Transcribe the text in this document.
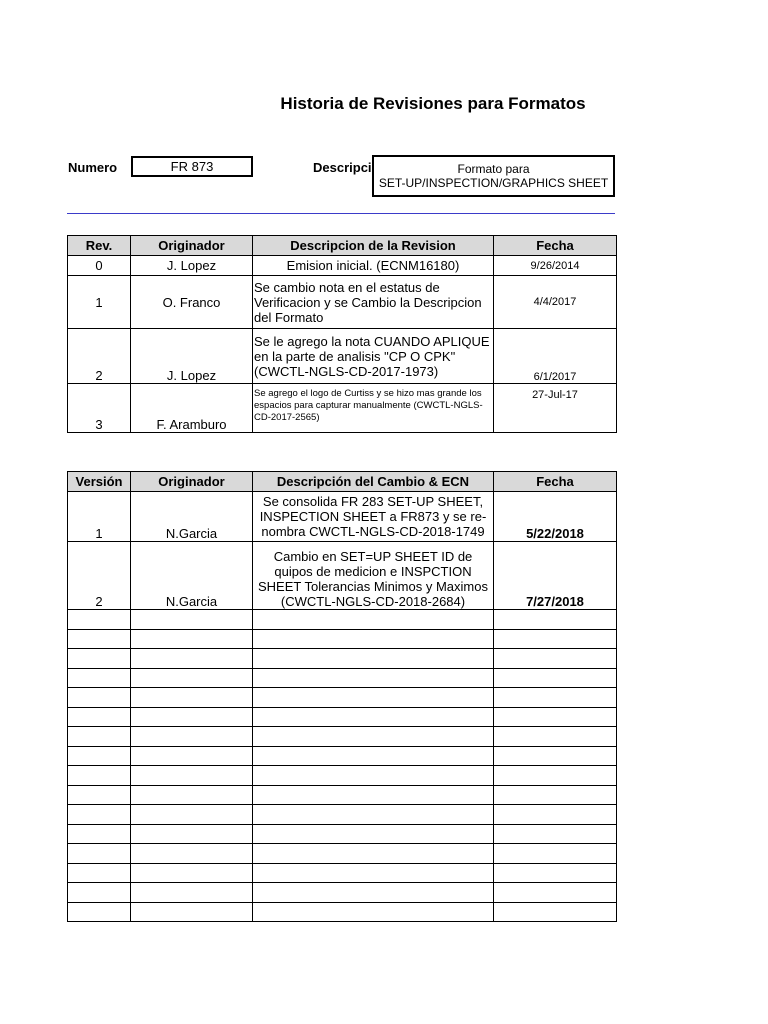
Historia de Revisiones para Formatos
Numero	FR 873	Descripci	Formato para
SET-UP/INSPECTION/GRAPHICS SHEET
Rev.	Originador	Descripcion de la Revision	Fecha
0	J. Lopez	Emision inicial. (ECNM16180)	9/26/2014
1	O. Franco	Se cambio nota en el estatus de Verificacion y se Cambio la Descripcion del Formato	4/4/2017
2	J. Lopez	Se le agrego la nota CUANDO APLIQUE en la parte de analisis "CP O CPK" (CWCTL-NGLS-CD-2017-1973)	6/1/2017
3	F. Aramburo	Se agrego el logo de Curtiss y se hizo mas grande los espacios para capturar manualmente (CWCTL-NGLS-CD-2017-2565)	27-Jul-17
Versión	Originador	Descripción del Cambio & ECN	Fecha
1	N.Garcia	Se consolida FR 283 SET-UP SHEET, INSPECTION SHEET a FR873 y se re-nombra CWCTL-NGLS-CD-2018-1749	5/22/2018
2	N.Garcia	Cambio en SET=UP SHEET ID de quipos de medicion e INSPCTION SHEET Tolerancias Minimos y Maximos (CWCTL-NGLS-CD-2018-2684)	7/27/2018
